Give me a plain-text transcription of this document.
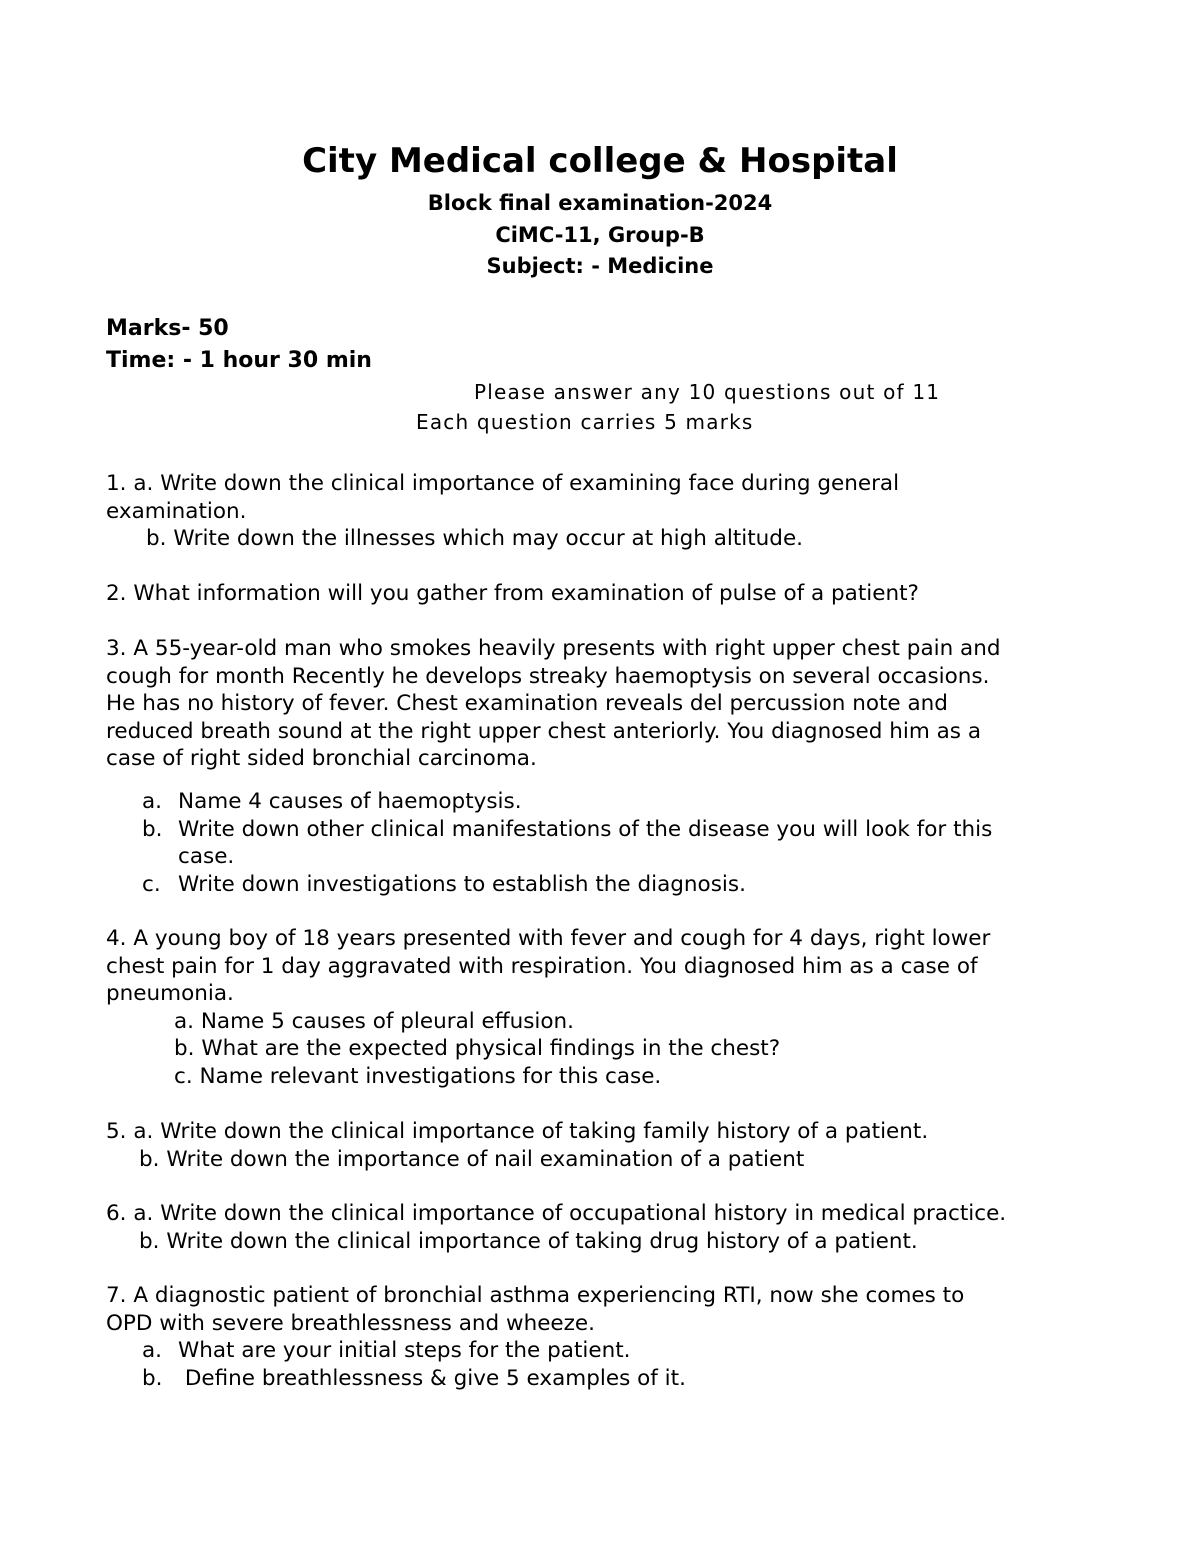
City Medical college & Hospital
Block final examination-2024
CiMC-11, Group-B
Subject: - Medicine
Marks- 50
Time: - 1 hour 30 min
Please answer any 10 questions out of 11
Each question carries 5 marks
1. a. Write down the clinical importance of examining face during general
examination.
b. Write down the illnesses which may occur at high altitude.
2. What information will you gather from examination of pulse of a patient?
3. A 55-year-old man who smokes heavily presents with right upper chest pain and
cough for month Recently he develops streaky haemoptysis on several occasions.
He has no history of fever. Chest examination reveals del percussion note and
reduced breath sound at the right upper chest anteriorly. You diagnosed him as a
case of right sided bronchial carcinoma.
a. Name 4 causes of haemoptysis.
b. Write down other clinical manifestations of the disease you will look for this
case.
c. Write down investigations to establish the diagnosis.
4. A young boy of 18 years presented with fever and cough for 4 days, right lower
chest pain for 1 day aggravated with respiration. You diagnosed him as a case of
pneumonia.
a. Name 5 causes of pleural effusion.
b. What are the expected physical findings in the chest?
c. Name relevant investigations for this case.
5. a. Write down the clinical importance of taking family history of a patient.
b. Write down the importance of nail examination of a patient
6. a. Write down the clinical importance of occupational history in medical practice.
b. Write down the clinical importance of taking drug history of a patient.
7. A diagnostic patient of bronchial asthma experiencing RTI, now she comes to
OPD with severe breathlessness and wheeze.
a. What are your initial steps for the patient.
b. Define breathlessness & give 5 examples of it.
